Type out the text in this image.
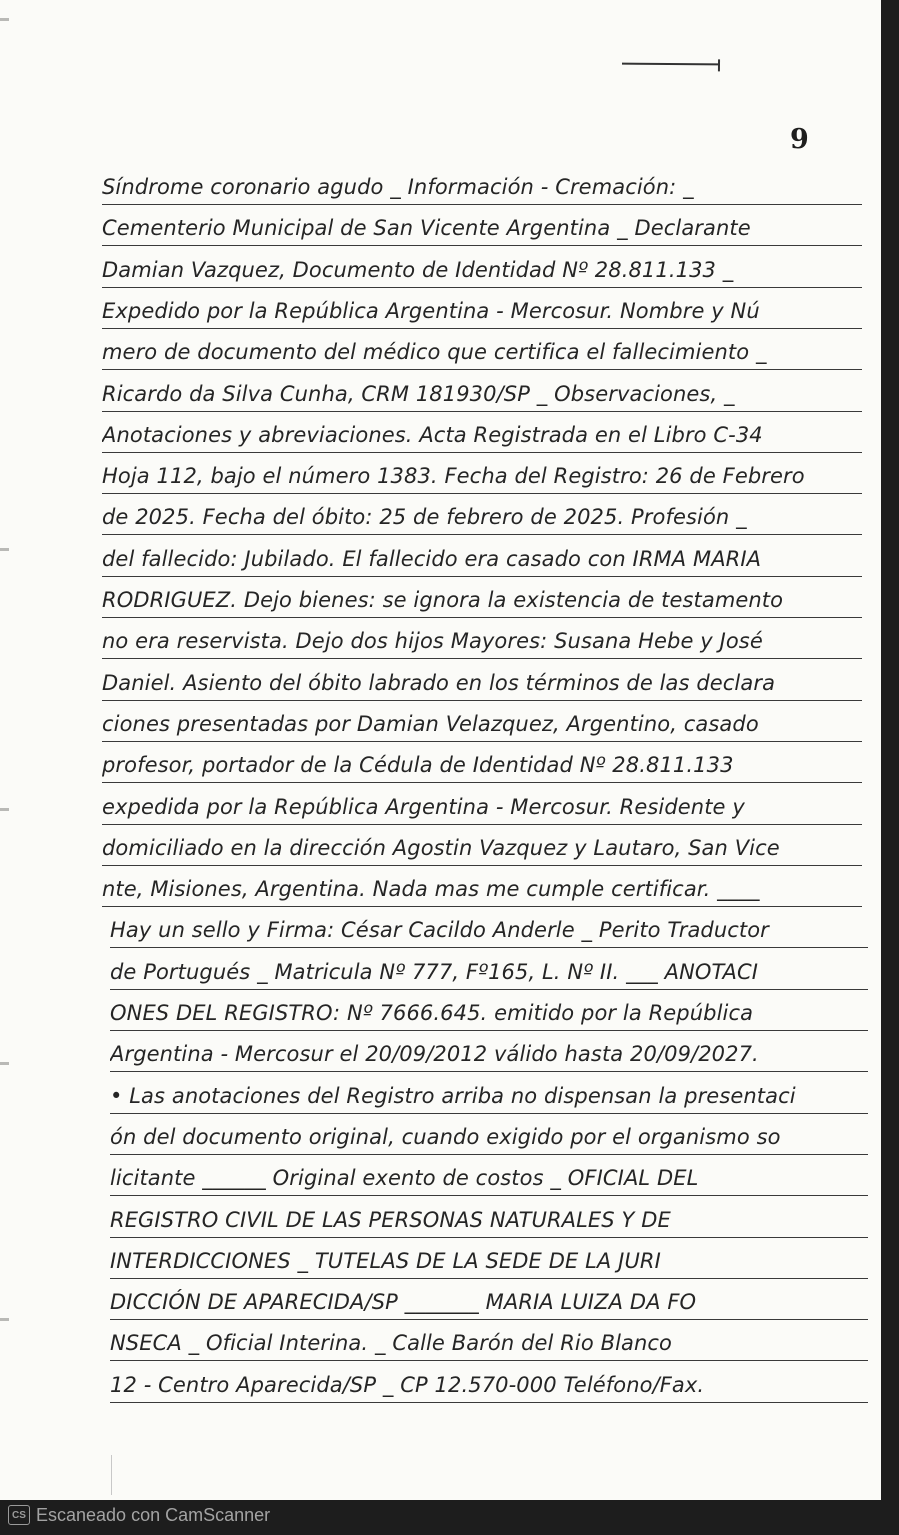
9
Síndrome coronario agudo _ Información - Cremación: _
Cementerio Municipal de San Vicente Argentina _ Declarante
Damian Vazquez, Documento de Identidad Nº 28.811.133 _
Expedido por la República Argentina - Mercosur. Nombre y Nú
mero de documento del médico que certifica el fallecimiento _
Ricardo da Silva Cunha, CRM 181930/SP _ Observaciones, _
Anotaciones y abreviaciones. Acta Registrada en el Libro C-34
Hoja 112, bajo el número 1383. Fecha del Registro: 26 de Febrero
de 2025. Fecha del óbito: 25 de febrero de 2025. Profesión _
del fallecido: Jubilado. El fallecido era casado con IRMA MARIA
RODRIGUEZ. Dejo bienes: se ignora la existencia de testamento
no era reservista. Dejo dos hijos Mayores: Susana Hebe y José
Daniel. Asiento del óbito labrado en los términos de las declara
ciones presentadas por Damian Velazquez, Argentino, casado
profesor, portador de la Cédula de Identidad Nº 28.811.133
expedida por la República Argentina - Mercosur. Residente y
domiciliado en la dirección Agostin Vazquez y Lautaro, San Vice
nte, Misiones, Argentina. Nada mas me cumple certificar. ____
Hay un sello y Firma: César Cacildo Anderle _ Perito Traductor
de Portugués _ Matricula Nº 777, Fº165, L. Nº II. ___ ANOTACI
ONES DEL REGISTRO: Nº 7666.645. emitido por la República
Argentina - Mercosur el 20/09/2012 válido hasta 20/09/2027.
• Las anotaciones del Registro arriba no dispensan la presentaci
ón del documento original, cuando exigido por el organismo so
licitante ______ Original exento de costos _ OFICIAL DEL
REGISTRO CIVIL DE LAS PERSONAS NATURALES Y DE
INTERDICCIONES _ TUTELAS DE LA SEDE DE LA JURI
DICCIÓN DE APARECIDA/SP _______ MARIA LUIZA DA FO
NSECA _ Oficial Interina. _ Calle Barón del Rio Blanco
12 - Centro Aparecida/SP _ CP 12.570-000 Teléfono/Fax.
CS Escaneado con CamScanner
